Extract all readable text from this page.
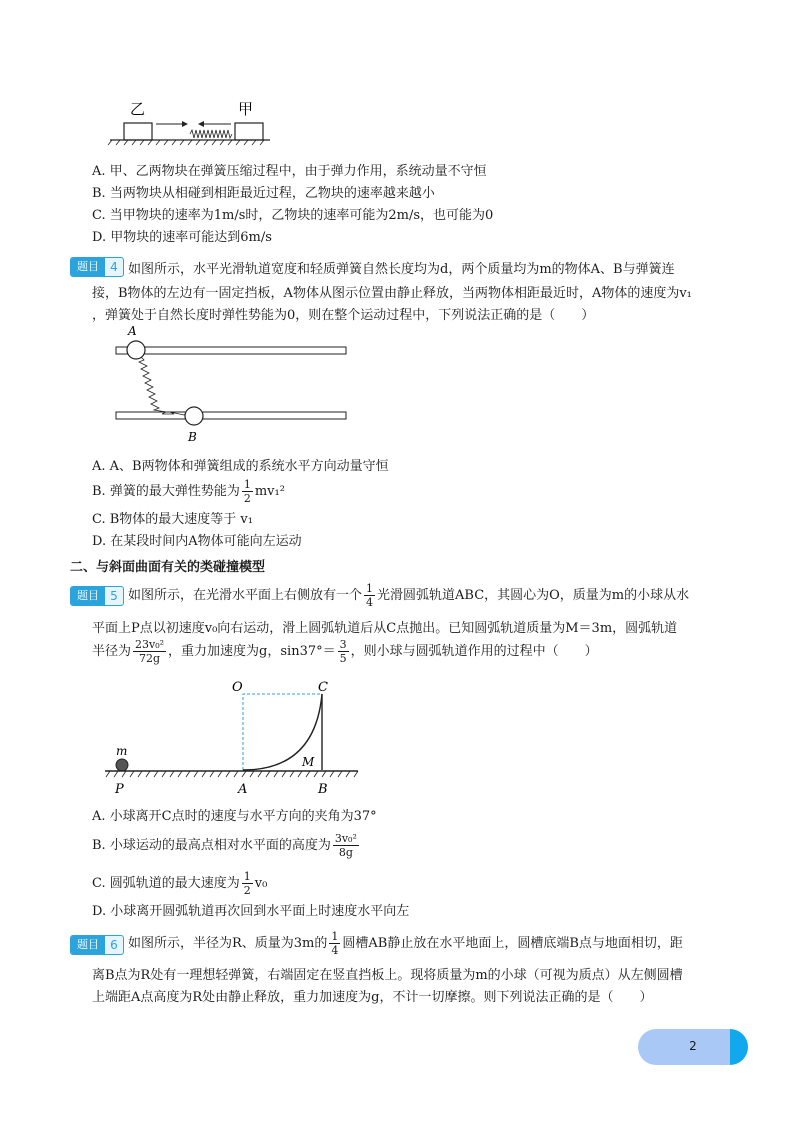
乙	甲
A. 甲、乙两物块在弹簧压缩过程中，由于弹力作用，系统动量不守恒
B. 当两物块从相碰到相距最近过程，乙物块的速率越来越小
C. 当甲物块的速率为1m/s时，乙物块的速率可能为2m/s，也可能为0
D. 甲物块的速率可能达到6m/s
题目 4 如图所示，水平光滑轨道宽度和轻质弹簧自然长度均为d，两个质量均为m的物体A、B与弹簧连
接，B物体的左边有一固定挡板，A物体从图示位置由静止释放，当两物体相距最近时，A物体的速度为v₁
，弹簧处于自然长度时弹性势能为0，则在整个运动过程中，下列说法正确的是（　　）
A
B
A. A、B两物体和弹簧组成的系统水平方向动量守恒
B. 弹簧的最大弹性势能为 $\frac{1}{2} mv_1^2$
C. B物体的最大速度等于 v₁
D. 在某段时间内A物体可能向左运动
二、与斜面曲面有关的类碰撞模型
题目 5 如图所示，在光滑水平面上右侧放有一个 $\frac{1}{4}$ 光滑圆弧轨道ABC，其圆心为O，质量为m的小球从水
平面上P点以初速度v₀向右运动，滑上圆弧轨道后从C点抛出。已知圆弧轨道质量为M＝3m，圆弧轨道
半径为 $\frac{\text{23v₀²}}{72g}$ ，重力加速度为g，$\sin 37^\circ= \frac{3}{5}$ ，则小球与圆弧轨道作用的过程中（　　）
O	C
M
m
P	A	B
A. 小球离开C点时的速度与水平方向的夹角为37°
B. 小球运动的最高点相对水平面的高度为 $\frac{\text{3v₀²}}{8g}$
C. 圆弧轨道的最大速度为 $\frac{1}{2} v_0$
D. 小球离开圆弧轨道再次回到水平面上时速度水平向左
题目 6 如图所示，半径为R、质量为3m的 $\frac{1}{4}$ 圆槽AB静止放在水平地面上，圆槽底端B点与地面相切，距
离B点为R处有一理想轻弹簧，右端固定在竖直挡板上。现将质量为m的小球（可视为质点）从左侧圆槽
上端距A点高度为R处由静止释放，重力加速度为g，不计一切摩擦。则下列说法正确的是（　　）
2
